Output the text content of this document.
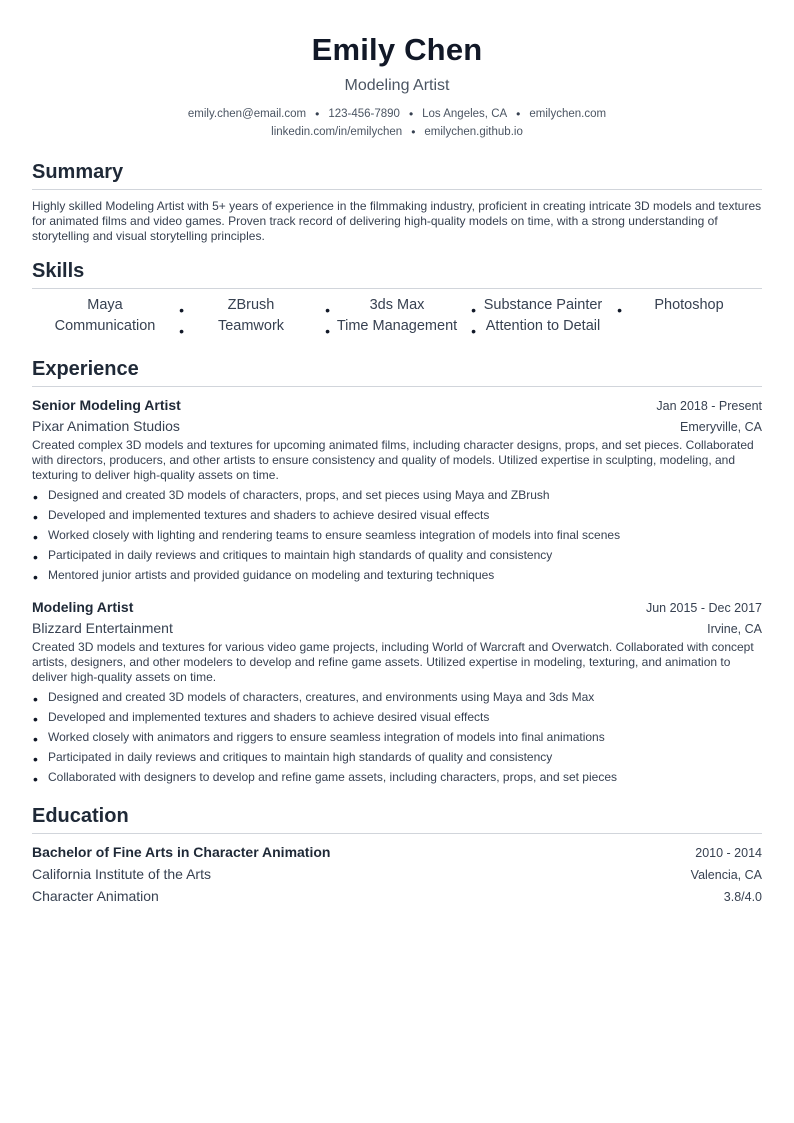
Emily Chen
Modeling Artist
emily.chen@email.com • 123-456-7890 • Los Angeles, CA • emilychen.com
linkedin.com/in/emilychen • emilychen.github.io
Summary
Highly skilled Modeling Artist with 5+ years of experience in the filmmaking industry, proficient in creating intricate 3D models and textures for animated films and video games. Proven track record of delivering high-quality models on time, with a strong understanding of storytelling and visual storytelling principles.
Skills
Maya	•	ZBrush	•	3ds Max	• Substance Painter •	Photoshop
Communication •	Teamwork	• Time Management • Attention to Detail
Experience
Senior Modeling Artist	Jan 2018 - Present
Pixar Animation Studios	Emeryville, CA
Created complex 3D models and textures for upcoming animated films, including character designs, props, and set pieces. Collaborated with directors, producers, and other artists to ensure consistency and quality of models. Utilized expertise in sculpting, modeling, and texturing to deliver high-quality assets on time.
• Designed and created 3D models of characters, props, and set pieces using Maya and ZBrush
• Developed and implemented textures and shaders to achieve desired visual effects
• Worked closely with lighting and rendering teams to ensure seamless integration of models into final scenes
• Participated in daily reviews and critiques to maintain high standards of quality and consistency
• Mentored junior artists and provided guidance on modeling and texturing techniques
Modeling Artist	Jun 2015 - Dec 2017
Blizzard Entertainment	Irvine, CA
Created 3D models and textures for various video game projects, including World of Warcraft and Overwatch. Collaborated with concept artists, designers, and other modelers to develop and refine game assets. Utilized expertise in modeling, texturing, and animation to deliver high-quality assets on time.
• Designed and created 3D models of characters, creatures, and environments using Maya and 3ds Max
• Developed and implemented textures and shaders to achieve desired visual effects
• Worked closely with animators and riggers to ensure seamless integration of models into final animations
• Participated in daily reviews and critiques to maintain high standards of quality and consistency
• Collaborated with designers to develop and refine game assets, including characters, props, and set pieces
Education
Bachelor of Fine Arts in Character Animation	2010 - 2014
California Institute of the Arts	Valencia, CA
Character Animation	3.8/4.0
